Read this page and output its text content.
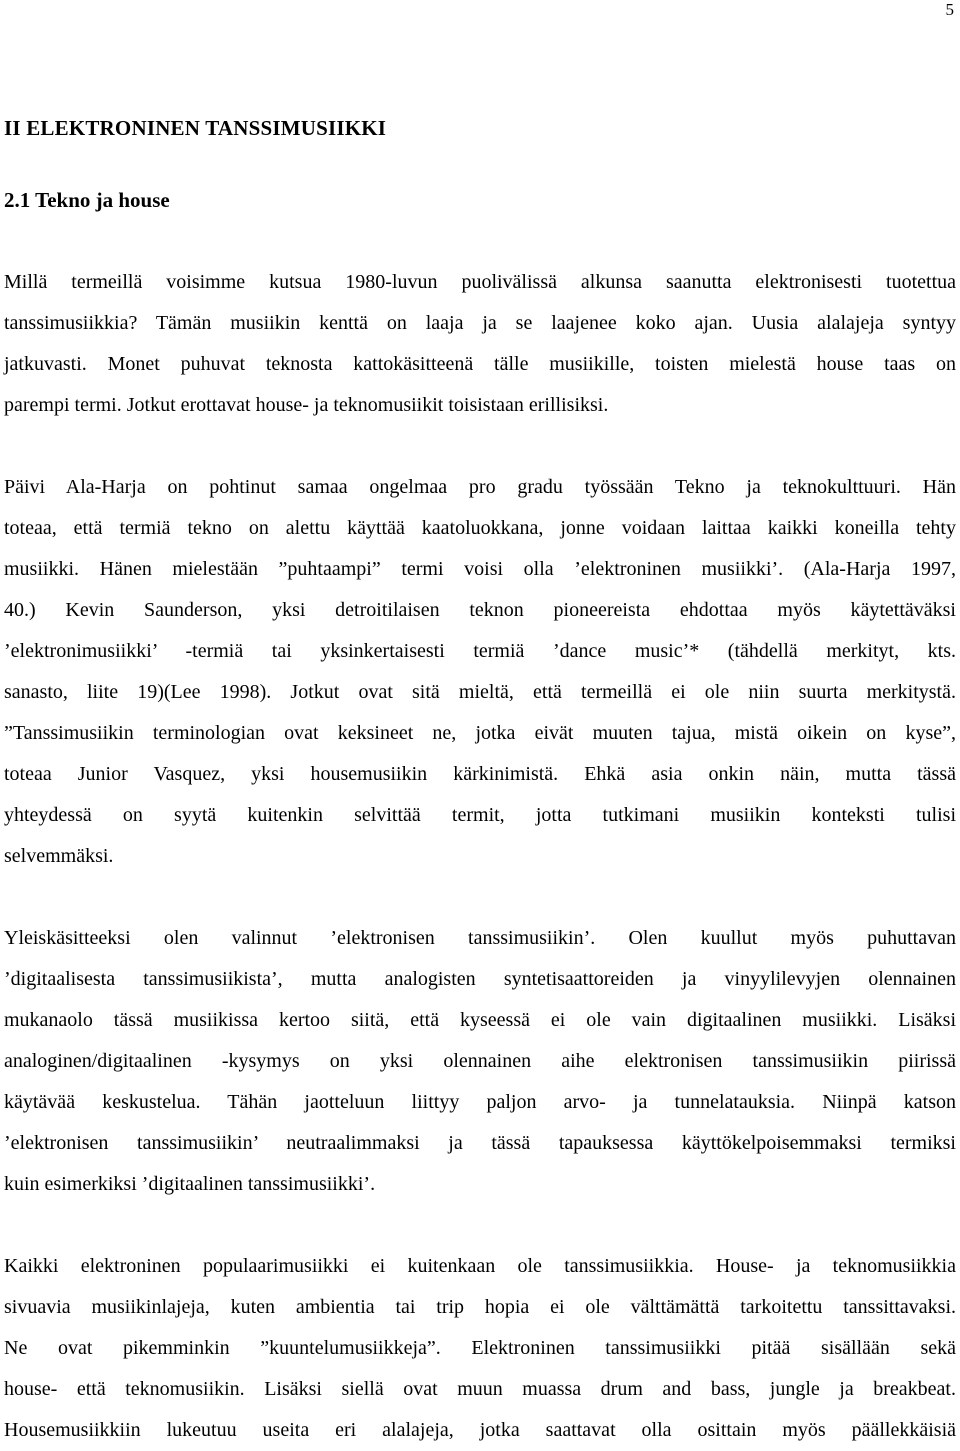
5
II ELEKTRONINEN TANSSIMUSIIKKI
2.1 Tekno ja house

Millä termeillä voisimme kutsua 1980-luvun puolivälissä alkunsa saanutta elektronisesti tuotettua
tanssimusiikkia? Tämän musiikin kenttä on laaja ja se laajenee koko ajan. Uusia alalajeja syntyy
jatkuvasti. Monet puhuvat teknosta kattokäsitteenä tälle musiikille, toisten mielestä house taas on
parempi termi. Jotkut erottavat house- ja teknomusiikit toisistaan erillisiksi.

Päivi Ala-Harja on pohtinut samaa ongelmaa pro gradu työssään Tekno ja teknokulttuuri. Hän
toteaa, että termiä tekno on alettu käyttää kaatoluokkana, jonne voidaan laittaa kaikki koneilla tehty
musiikki. Hänen mielestään ”puhtaampi” termi voisi olla ’elektroninen musiikki’. (Ala-Harja 1997,
40.) Kevin Saunderson, yksi detroitilaisen teknon pioneereista ehdottaa myös käytettäväksi
’elektronimusiikki’ -termiä tai yksinkertaisesti termiä ’dance music’* (tähdellä merkityt, kts.
sanasto, liite 19)(Lee 1998). Jotkut ovat sitä mieltä, että termeillä ei ole niin suurta merkitystä.
”Tanssimusiikin terminologian ovat keksineet ne, jotka eivät muuten tajua, mistä oikein on kyse”,
toteaa Junior Vasquez, yksi housemusiikin kärkinimistä. Ehkä asia onkin näin, mutta tässä
yhteydessä on syytä kuitenkin selvittää termit, jotta tutkimani musiikin konteksti tulisi
selvemmäksi.

Yleiskäsitteeksi olen valinnut ’elektronisen tanssimusiikin’. Olen kuullut myös puhuttavan
’digitaalisesta tanssimusiikista’, mutta analogisten syntetisaattoreiden ja vinyylilevyjen olennainen
mukanaolo tässä musiikissa kertoo siitä, että kyseessä ei ole vain digitaalinen musiikki. Lisäksi
analoginen/digitaalinen -kysymys on yksi olennainen aihe elektronisen tanssimusiikin piirissä
käytävää keskustelua. Tähän jaotteluun liittyy paljon arvo- ja tunnelatauksia. Niinpä katson
’elektronisen tanssimusiikin’ neutraalimmaksi ja tässä tapauksessa käyttökelpoisemmaksi termiksi
kuin esimerkiksi ’digitaalinen tanssimusiikki’.

Kaikki elektroninen populaarimusiikki ei kuitenkaan ole tanssimusiikkia. House- ja teknomusiikkia
sivuavia musiikinlajeja, kuten ambientia tai trip hopia ei ole välttämättä tarkoitettu tanssittavaksi.
Ne ovat pikemminkin ”kuuntelumusiikkeja”. Elektroninen tanssimusiikki pitää sisällään sekä
house- että teknomusiikin. Lisäksi siellä ovat muun muassa drum and bass, jungle ja breakbeat.
Housemusiikkiin lukeutuu useita eri alalajeja, jotka saattavat olla osittain myös päällekkäisiä
